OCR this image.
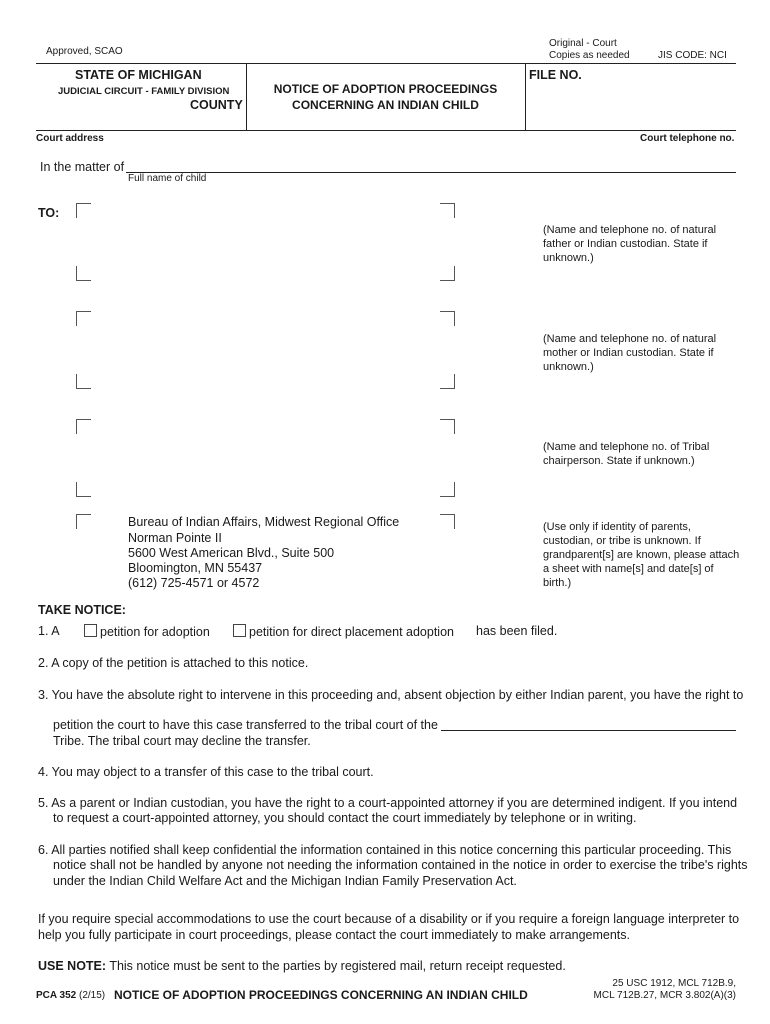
Approved, SCAO
Original - Court
Copies as needed	JIS CODE: NCI
STATE OF MICHIGAN
JUDICIAL CIRCUIT - FAMILY DIVISION
COUNTY
NOTICE OF ADOPTION PROCEEDINGS
CONCERNING AN INDIAN CHILD
FILE NO.
Court address	Court telephone no.
In the matter of
Full name of child
TO:
(Name and telephone no. of natural father or Indian custodian. State if unknown.)
(Name and telephone no. of natural mother or Indian custodian. State if unknown.)
(Name and telephone no. of Tribal chairperson. State if unknown.)
Bureau of Indian Affairs, Midwest Regional Office
Norman Pointe II
5600 West American Blvd., Suite 500
Bloomington, MN 55437
(612) 725-4571 or 4572
(Use only if identity of parents, custodian, or tribe is unknown. If grandparent[s] are known, please attach a sheet with name[s] and date[s] of birth.)
TAKE NOTICE:
1. A	petition for adoption	petition for direct placement adoption has been filed.
2. A copy of the petition is attached to this notice.
3. You have the absolute right to intervene in this proceeding and, absent objection by either Indian parent, you have the right to
petition the court to have this case transferred to the tribal court of the
Tribe. The tribal court may decline the transfer.
4. You may object to a transfer of this case to the tribal court.
5. As a parent or Indian custodian, you have the right to a court-appointed attorney if you are determined indigent. If you intend
to request a court-appointed attorney, you should contact the court immediately by telephone or in writing.
6. All parties notified shall keep confidential the information contained in this notice concerning this particular proceeding. This
notice shall not be handled by anyone not needing the information contained in the notice in order to exercise the tribe's rights
under the Indian Child Welfare Act and the Michigan Indian Family Preservation Act.
If you require special accommodations to use the court because of a disability or if you require a foreign language interpreter to
help you fully participate in court proceedings, please contact the court immediately to make arrangements.
USE NOTE: This notice must be sent to the parties by registered mail, return receipt requested.
PCA 352 (2/15) NOTICE OF ADOPTION PROCEEDINGS CONCERNING AN INDIAN CHILD
25 USC 1912, MCL 712B.9,
MCL 712B.27, MCR 3.802(A)(3)
